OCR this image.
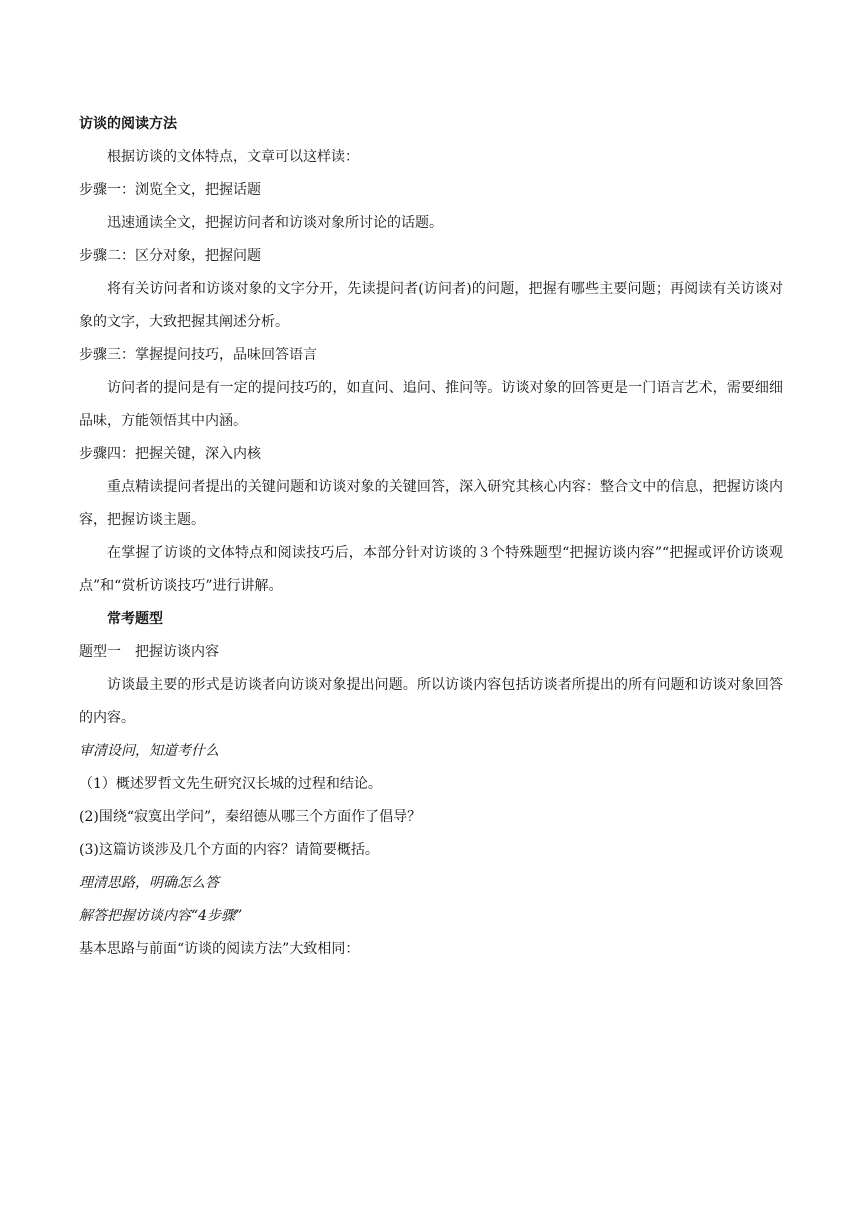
访谈的阅读方法

根据访谈的文体特点，文章可以这样读：

步骤一：浏览全文，把握话题

迅速通读全文，把握访问者和访谈对象所讨论的话题。

步骤二：区分对象，把握问题

将有关访问者和访谈对象的文字分开，先读提问者(访问者)的问题，把握有哪些主要问题；再阅读有关访谈对象的文字，大致把握其阐述分析。

步骤三：掌握提问技巧，品味回答语言

访问者的提问是有一定的提问技巧的，如直问、追问、推问等。访谈对象的回答更是一门语言艺术，需要细细品味，方能领悟其中内涵。

步骤四：把握关键，深入内核

重点精读提问者提出的关键问题和访谈对象的关键回答，深入研究其核心内容：整合文中的信息，把握访谈内容，把握访谈主题。

在掌握了访谈的文体特点和阅读技巧后，本部分针对访谈的３个特殊题型“把握访谈内容”“把握或评价访谈观点”和“赏析访谈技巧”进行讲解。

常考题型

题型一　把握访谈内容

访谈最主要的形式是访谈者向访谈对象提出问题。所以访谈内容包括访谈者所提出的所有问题和访谈对象回答的内容。

审清设问，知道考什么

（1）概述罗哲文先生研究汉长城的过程和结论。

(2)围绕“寂寞出学问”，秦绍德从哪三个方面作了倡导？

(3)这篇访谈涉及几个方面的内容？请简要概括。

理清思路，明确怎么答

解答把握访谈内容“4步骤”

基本思路与前面“访谈的阅读方法”大致相同：
